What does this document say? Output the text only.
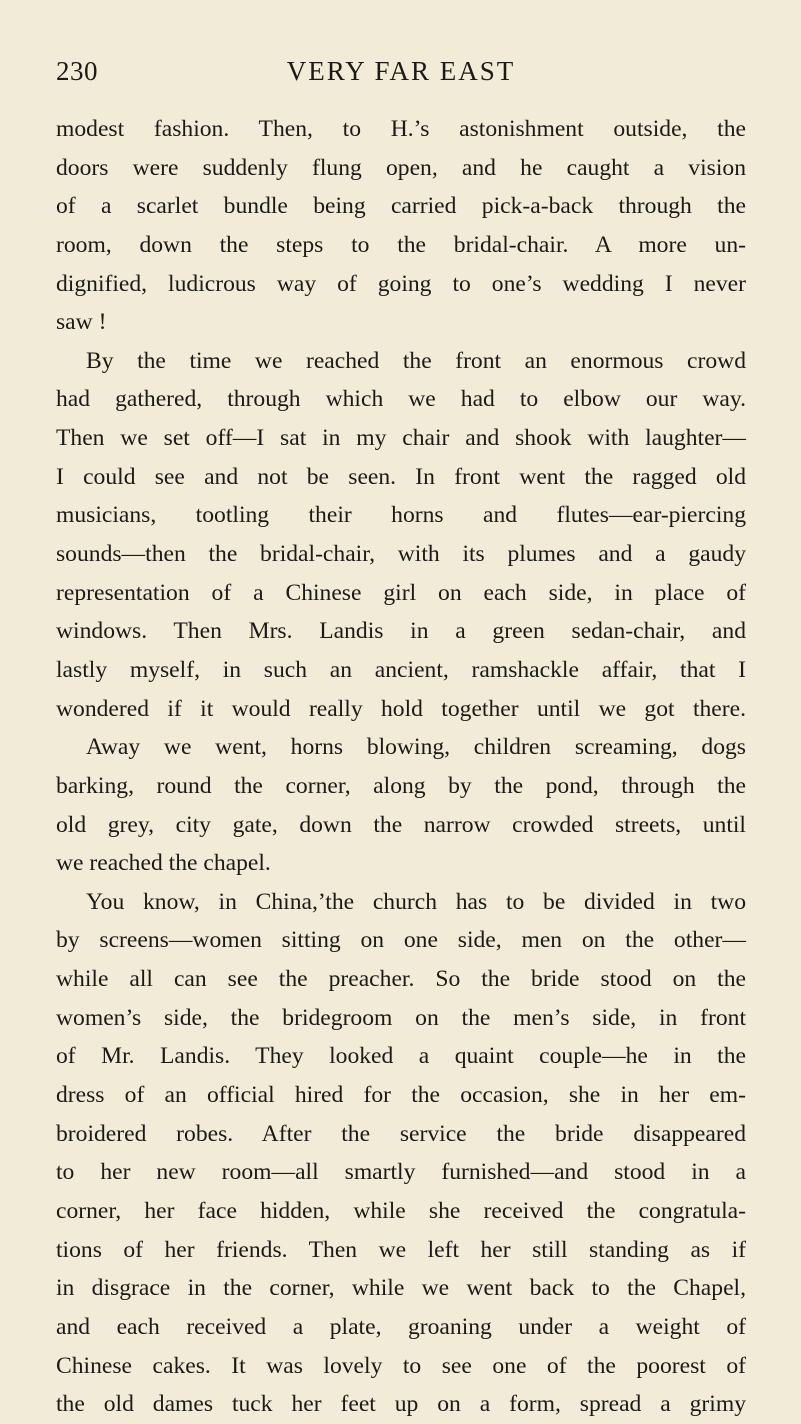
230	VERY FAR EAST
modest fashion. Then, to H.’s astonishment outside, the
doors were suddenly flung open, and he caught a vision
of a scarlet bundle being carried pick-a-back through the
room, down the steps to the bridal-chair. A more un-
dignified, ludicrous way of going to one’s wedding I never
saw !
By the time we reached the front an enormous crowd
had gathered, through which we had to elbow our way.
Then we set off—I sat in my chair and shook with laughter—
I could see and not be seen. In front went the ragged old
musicians, tootling their horns and flutes—ear-piercing
sounds—then the bridal-chair, with its plumes and a gaudy
representation of a Chinese girl on each side, in place of
windows. Then Mrs. Landis in a green sedan-chair, and
lastly myself, in such an ancient, ramshackle affair, that I
wondered if it would really hold together until we got there.
Away we went, horns blowing, children screaming, dogs
barking, round the corner, along by the pond, through the
old grey, city gate, down the narrow crowded streets, until
we reached the chapel.
You know, in China,’the church has to be divided in two
by screens—women sitting on one side, men on the other—
while all can see the preacher. So the bride stood on the
women’s side, the bridegroom on the men’s side, in front
of Mr. Landis. They looked a quaint couple—he in the
dress of an official hired for the occasion, she in her em-
broidered robes. After the service the bride disappeared
to her new room—all smartly furnished—and stood in a
corner, her face hidden, while she received the congratula-
tions of her friends. Then we left her still standing as if
in disgrace in the corner, while we went back to the Chapel,
and each received a plate, groaning under a weight of
Chinese cakes. It was lovely to see one of the poorest of
the old dames tuck her feet up on a form, spread a grimy
